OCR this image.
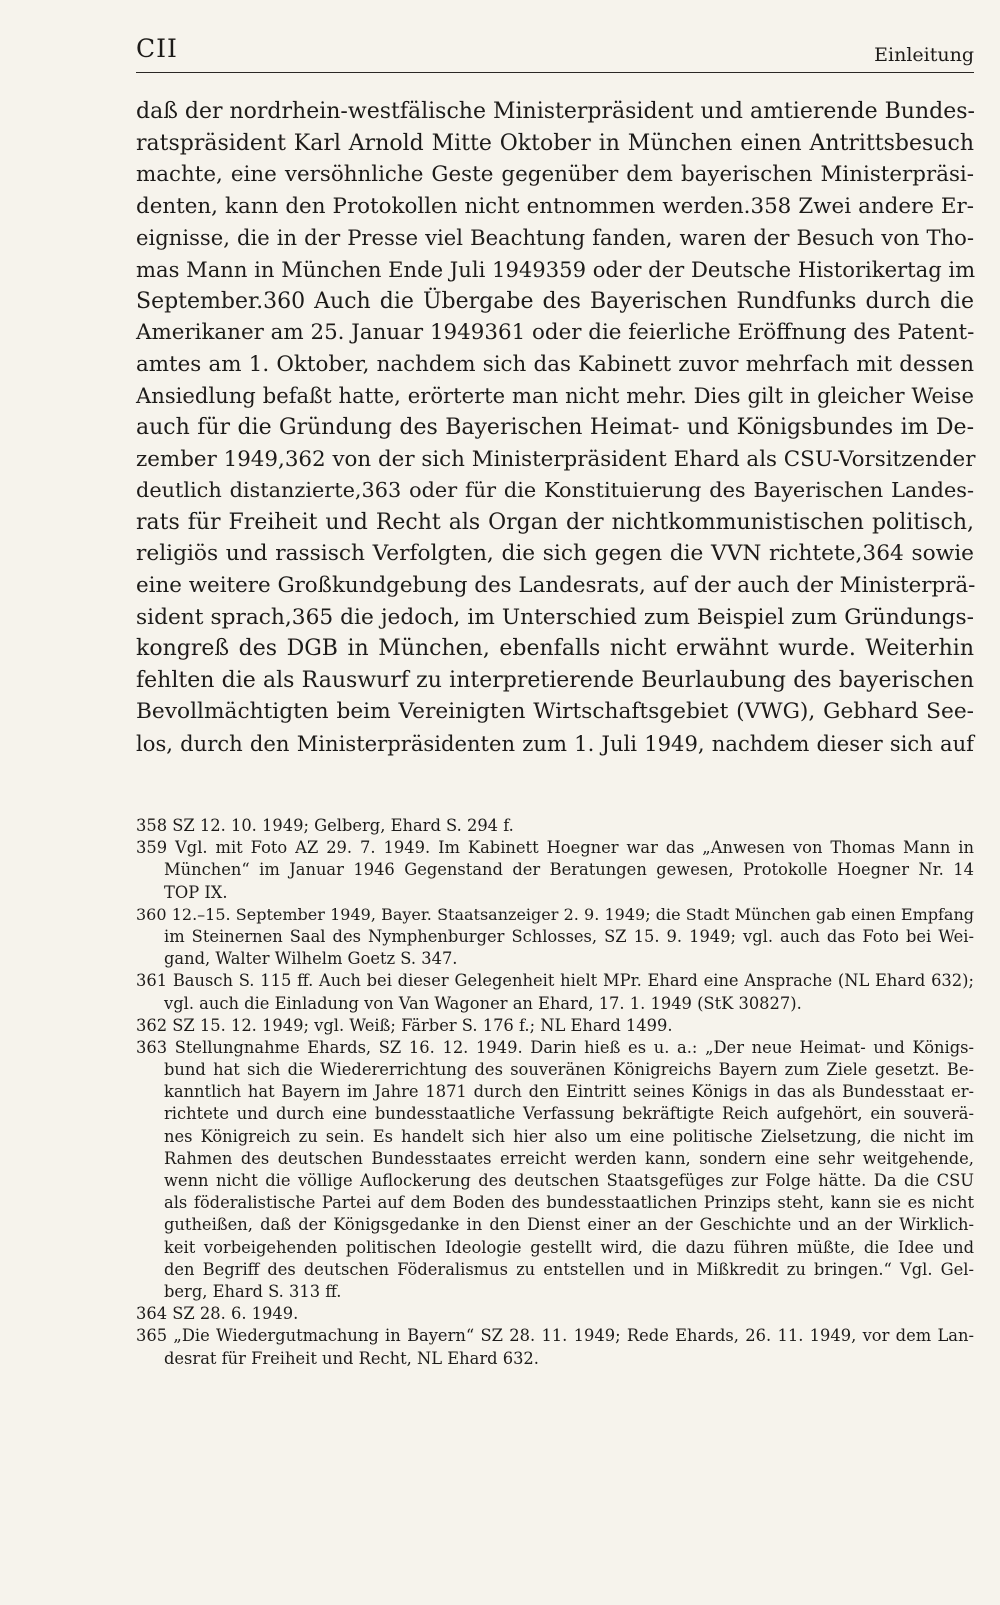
CII	Einleitung
daß der nordrhein-westfälische Ministerpräsident und amtierende Bundes-
ratspräsident Karl Arnold Mitte Oktober in München einen Antrittsbesuch
machte, eine versöhnliche Geste gegenüber dem bayerischen Ministerpräsi-
denten, kann den Protokollen nicht entnommen werden.358 Zwei andere Er-
eignisse, die in der Presse viel Beachtung fanden, waren der Besuch von Tho-
mas Mann in München Ende Juli 1949359 oder der Deutsche Historikertag im
September.360 Auch die Übergabe des Bayerischen Rundfunks durch die
Amerikaner am 25. Januar 1949361 oder die feierliche Eröffnung des Patent-
amtes am 1. Oktober, nachdem sich das Kabinett zuvor mehrfach mit dessen
Ansiedlung befaßt hatte, erörterte man nicht mehr. Dies gilt in gleicher Weise
auch für die Gründung des Bayerischen Heimat- und Königsbundes im De-
zember 1949,362 von der sich Ministerpräsident Ehard als CSU-Vorsitzender
deutlich distanzierte,363 oder für die Konstituierung des Bayerischen Landes-
rats für Freiheit und Recht als Organ der nichtkommunistischen politisch,
religiös und rassisch Verfolgten, die sich gegen die VVN richtete,364 sowie
eine weitere Großkundgebung des Landesrats, auf der auch der Ministerprä-
sident sprach,365 die jedoch, im Unterschied zum Beispiel zum Gründungs-
kongreß des DGB in München, ebenfalls nicht erwähnt wurde. Weiterhin
fehlten die als Rauswurf zu interpretierende Beurlaubung des bayerischen
Bevollmächtigten beim Vereinigten Wirtschaftsgebiet (VWG), Gebhard See-
los, durch den Ministerpräsidenten zum 1. Juli 1949, nachdem dieser sich auf
358 SZ 12. 10. 1949; Gelberg, Ehard S. 294 f.
359 Vgl. mit Foto AZ 29. 7. 1949. Im Kabinett Hoegner war das „Anwesen von Thomas Mann in
München“ im Januar 1946 Gegenstand der Beratungen gewesen, Protokolle Hoegner Nr. 14
TOP IX.
360 12.–15. September 1949, Bayer. Staatsanzeiger 2. 9. 1949; die Stadt München gab einen Empfang
im Steinernen Saal des Nymphenburger Schlosses, SZ 15. 9. 1949; vgl. auch das Foto bei Wei-
gand, Walter Wilhelm Goetz S. 347.
361 Bausch S. 115 ff. Auch bei dieser Gelegenheit hielt MPr. Ehard eine Ansprache (NL Ehard 632);
vgl. auch die Einladung von Van Wagoner an Ehard, 17. 1. 1949 (StK 30827).
362 SZ 15. 12. 1949; vgl. Weiß; Färber S. 176 f.; NL Ehard 1499.
363 Stellungnahme Ehards, SZ 16. 12. 1949. Darin hieß es u. a.: „Der neue Heimat- und Königs-
bund hat sich die Wiedererrichtung des souveränen Königreichs Bayern zum Ziele gesetzt. Be-
kanntlich hat Bayern im Jahre 1871 durch den Eintritt seines Königs in das als Bundesstaat er-
richtete und durch eine bundesstaatliche Verfassung bekräftigte Reich aufgehört, ein souverä-
nes Königreich zu sein. Es handelt sich hier also um eine politische Zielsetzung, die nicht im
Rahmen des deutschen Bundesstaates erreicht werden kann, sondern eine sehr weitgehende,
wenn nicht die völlige Auflockerung des deutschen Staatsgefüges zur Folge hätte. Da die CSU
als föderalistische Partei auf dem Boden des bundesstaatlichen Prinzips steht, kann sie es nicht
gutheißen, daß der Königsgedanke in den Dienst einer an der Geschichte und an der Wirklich-
keit vorbeigehenden politischen Ideologie gestellt wird, die dazu führen müßte, die Idee und
den Begriff des deutschen Föderalismus zu entstellen und in Mißkredit zu bringen.“ Vgl. Gel-
berg, Ehard S. 313 ff.
364 SZ 28. 6. 1949.
365 „Die Wiedergutmachung in Bayern“ SZ 28. 11. 1949; Rede Ehards, 26. 11. 1949, vor dem Lan-
desrat für Freiheit und Recht, NL Ehard 632.
